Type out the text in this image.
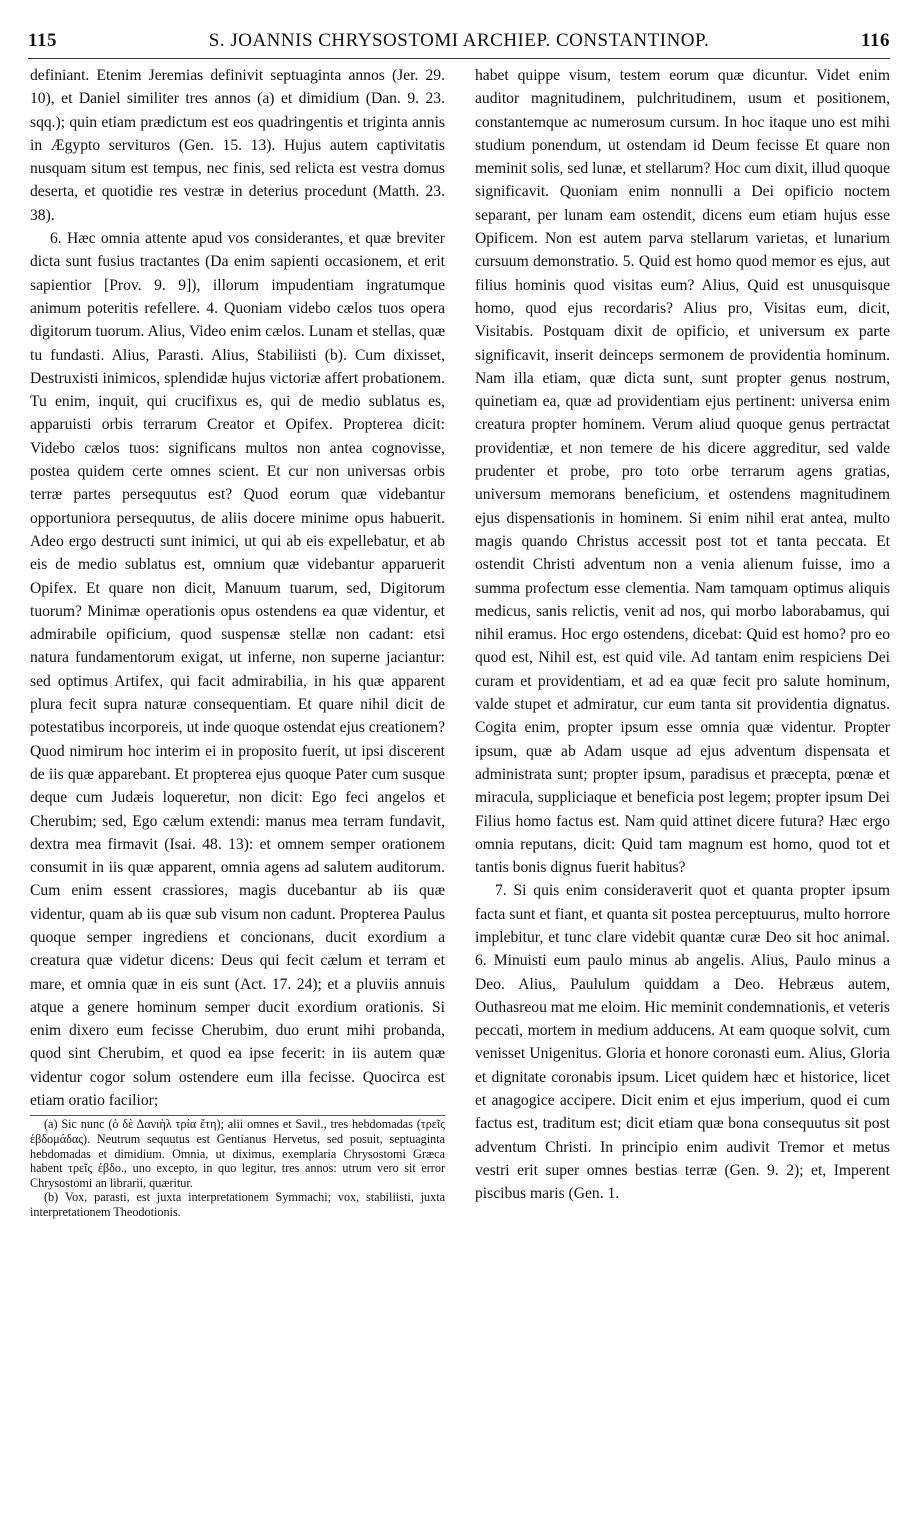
115	S. JOANNIS CHRYSOSTOMI ARCHIEP. CONSTANTINOP.	116

definiant. Etenim Jeremias definivit septuaginta annos (Jer. 29. 10), et Daniel similiter tres annos (a) et dimidium (Dan. 9. 23. sqq.); quin etiam prædictum est eos quadringentis et triginta annis in Ægypto servituros (Gen. 15. 13). Hujus autem captivitatis nusquam situm est tempus, nec finis, sed relicta est vestra domus deserta, et quotidie res vestræ in deterius procedunt (Matth. 23. 38).

6. Hæc omnia attente apud vos considerantes, et quæ breviter dicta sunt fusius tractantes (Da enim sapienti occasionem, et erit sapientior [Prov. 9. 9]), illorum impudentiam ingratumque animum poteritis refellere. 4. Quoniam videbo cælos tuos opera digitorum tuorum. Alius, Video enim cælos. Lunam et stellas, quæ tu fundasti. Alius, Parasti. Alius, Stabiliisti (b). Cum dixisset, Destruxisti inimicos, splendidæ hujus victoriæ affert probationem. Tu enim, inquit, qui crucifixus es, qui de medio sublatus es, apparuisti orbis terrarum Creator et Opifex. Propterea dicit: Videbo cælos tuos: significans multos non antea cognovisse, postea quidem certe omnes scient. Et cur non universas orbis terræ partes persequutus est? Quod eorum quæ videbantur opportuniora persequutus, de aliis docere minime opus habuerit. Adeo ergo destructi sunt inimici, ut qui ab eis expellebatur, et ab eis de medio sublatus est, omnium quæ videbantur apparuerit Opifex. Et quare non dicit, Manuum tuarum, sed, Digitorum tuorum? Minimæ operationis opus ostendens ea quæ videntur, et admirabile opificium, quod suspensæ stellæ non cadant: etsi natura fundamentorum exigat, ut inferne, non superne jaciantur: sed optimus Artifex, qui facit admirabilia, in his quæ apparent plura fecit supra naturæ consequentiam. Et quare nihil dicit de potestatibus incorporeis, ut inde quoque ostendat ejus creationem? Quod nimirum hoc interim ei in proposito fuerit, ut ipsi discerent de iis quæ apparebant. Et propterea ejus quoque Pater cum susque deque cum Judæis loqueretur, non dicit: Ego feci angelos et Cherubim; sed, Ego cælum extendi: manus mea terram fundavit, dextra mea firmavit (Isai. 48. 13): et omnem semper orationem consumit in iis quæ apparent, omnia agens ad salutem auditorum. Cum enim essent crassiores, magis ducebantur ab iis quæ videntur, quam ab iis quæ sub visum non cadunt. Propterea Paulus quoque semper ingrediens et concionans, ducit exordium a creatura quæ videtur dicens: Deus qui fecit cælum et terram et mare, et omnia quæ in eis sunt (Act. 17. 24); et a pluviis annuis atque a genere hominum semper ducit exordium orationis. Si enim dixero eum fecisse Cherubim, duo erunt mihi probanda, quod sint Cherubim, et quod ea ipse fecerit: in iis autem quæ videntur cogor solum ostendere eum illa fecisse. Quocirca est etiam oratio facilior;

(a) Sic nunc (ὁ δὲ Δανιὴλ τρία ἔτη); alii omnes et Savil., tres hebdomadas (τρεῖς ἑβδομάδας). Neutrum sequutus est Gentianus Hervetus, sed posuit, septuaginta hebdomadas et dimidium. Omnia, ut diximus, exemplaria Chrysostomi Græca habent τρεῖς ἑβδο., uno excepto, in quo legitur, tres annos: utrum vero sit error Chrysostomi an librarii, quæritur.

(b) Vox, parasti, est juxta interpretationem Symmachi; vox, stabiliisti, juxta interpretationem Theodotionis.

habet quippe visum, testem eorum quæ dicuntur. Videt enim auditor magnitudinem, pulchritudinem, usum et positionem, constantemque ac numerosum cursum. In hoc itaque uno est mihi studium ponendum, ut ostendam id Deum fecisse Et quare non meminit solis, sed lunæ, et stellarum? Hoc cum dixit, illud quoque significavit. Quoniam enim nonnulli a Dei opificio noctem separant, per lunam eam ostendit, dicens eum etiam hujus esse Opificem. Non est autem parva stellarum varietas, et lunarium cursuum demonstratio. 5. Quid est homo quod memor es ejus, aut filius hominis quod visitas eum? Alius, Quid est unusquisque homo, quod ejus recordaris? Alius pro, Visitas eum, dicit, Visitabis. Postquam dixit de opificio, et universum ex parte significavit, inserit deinceps sermonem de providentia hominum. Nam illa etiam, quæ dicta sunt, sunt propter genus nostrum, quinetiam ea, quæ ad providentiam ejus pertinent: universa enim creatura propter hominem. Verum aliud quoque genus pertractat providentiæ, et non temere de his dicere aggreditur, sed valde prudenter et probe, pro toto orbe terrarum agens gratias, universum memorans beneficium, et ostendens magnitudinem ejus dispensationis in hominem. Si enim nihil erat antea, multo magis quando Christus accessit post tot et tanta peccata. Et ostendit Christi adventum non a venia alienum fuisse, imo a summa profectum esse clementia. Nam tamquam optimus aliquis medicus, sanis relictis, venit ad nos, qui morbo laborabamus, qui nihil eramus. Hoc ergo ostendens, dicebat: Quid est homo? pro eo quod est, Nihil est, est quid vile. Ad tantam enim respiciens Dei curam et providentiam, et ad ea quæ fecit pro salute hominum, valde stupet et admiratur, cur eum tanta sit providentia dignatus. Cogita enim, propter ipsum esse omnia quæ videntur. Propter ipsum, quæ ab Adam usque ad ejus adventum dispensata et administrata sunt; propter ipsum, paradisus et præcepta, pœnæ et miracula, suppliciaque et beneficia post legem; propter ipsum Dei Filius homo factus est. Nam quid attinet dicere futura? Hæc ergo omnia reputans, dicit: Quid tam magnum est homo, quod tot et tantis bonis dignus fuerit habitus?

7. Si quis enim consideraverit quot et quanta propter ipsum facta sunt et fiant, et quanta sit postea perceptuurus, multo horrore implebitur, et tunc clare videbit quantæ curæ Deo sit hoc animal. 6. Minuisti eum paulo minus ab angelis. Alius, Paulo minus a Deo. Alius, Paululum quiddam a Deo. Hebræus autem, Outhasreou mat me eloim. Hic meminit condemnationis, et veteris peccati, mortem in medium adducens. At eam quoque solvit, cum venisset Unigenitus. Gloria et honore coronasti eum. Alius, Gloria et dignitate coronabis ipsum. Licet quidem hæc et historice, licet et anagogice accipere. Dicit enim et ejus imperium, quod ei cum factus est, traditum est; dicit etiam quæ bona consequutus sit post adventum Christi. In principio enim audivit Tremor et metus vestri erit super omnes bestias terræ (Gen. 9. 2); et, Imperent piscibus maris (Gen. 1.
